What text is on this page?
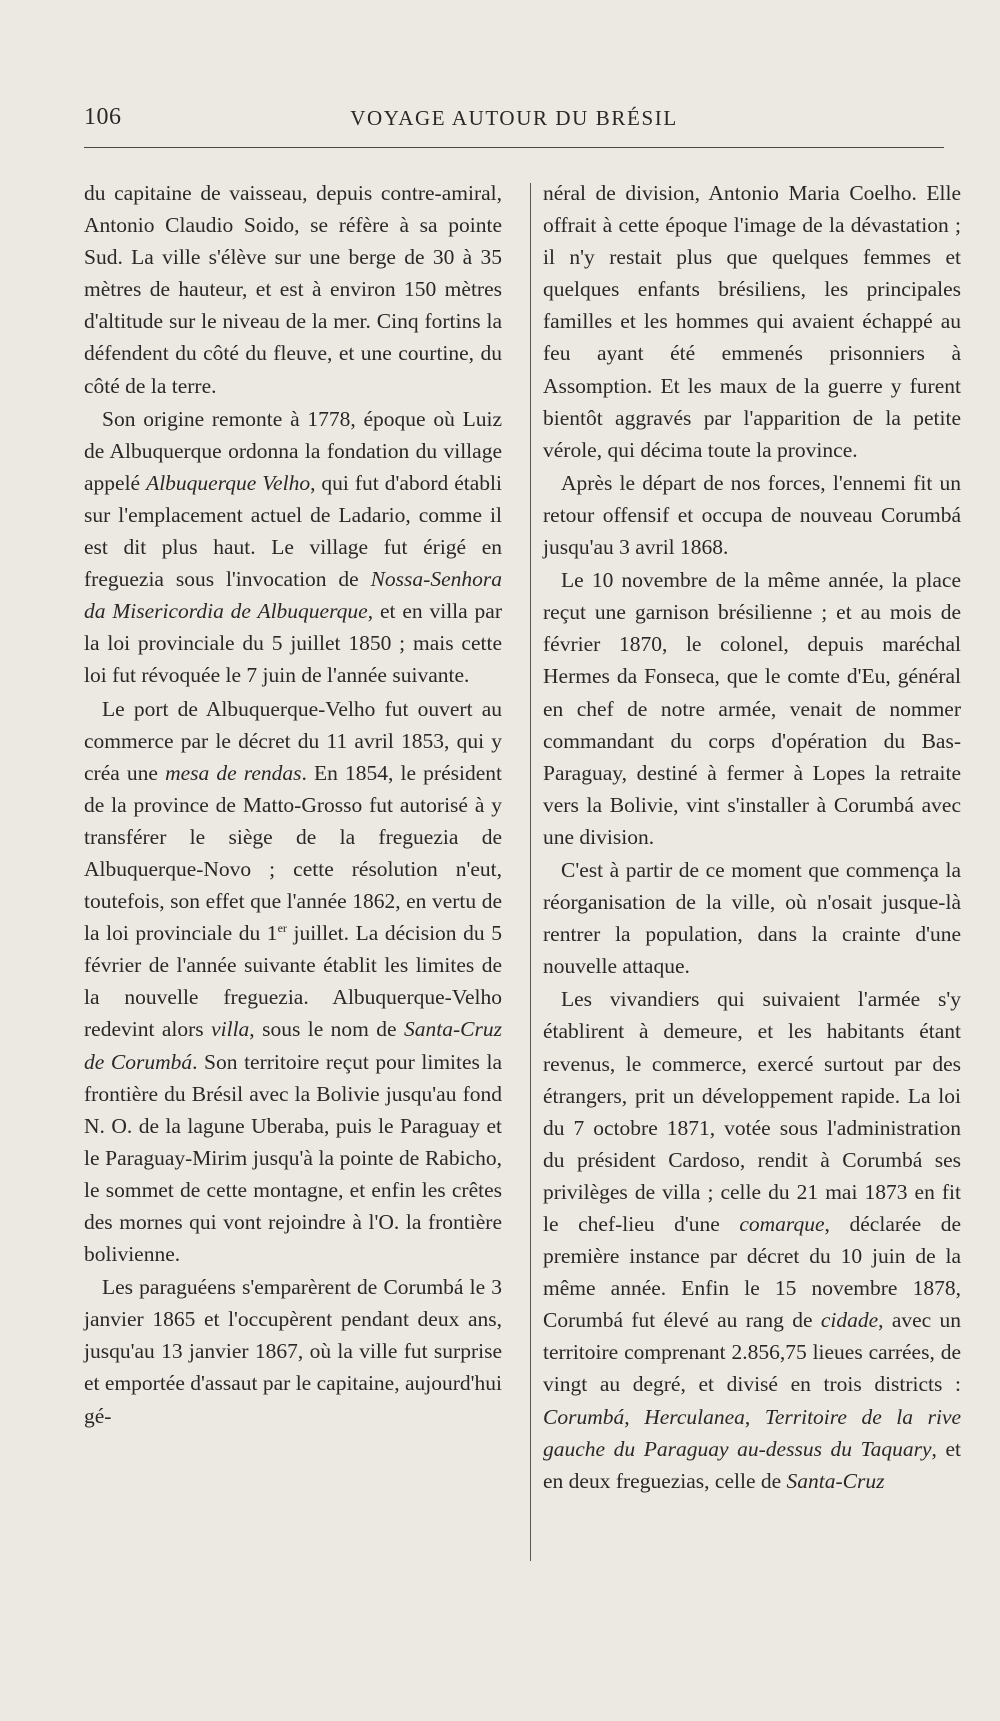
106	VOYAGE AUTOUR DU BRÉSIL

du capitaine de vaisseau, depuis contre-amiral, Antonio Claudio Soido, se réfère à sa pointe Sud. La ville s'élève sur une berge de 30 à 35 mètres de hauteur, et est à environ 150 mètres d'altitude sur le niveau de la mer. Cinq fortins la défendent du côté du fleuve, et une courtine, du côté de la terre.

Son origine remonte à 1778, époque où Luiz de Albuquerque ordonna la fondation du village appelé Albuquerque Velho, qui fut d'abord établi sur l'emplacement actuel de Ladario, comme il est dit plus haut. Le village fut érigé en freguezia sous l'invocation de Nossa-Senhora da Misericordia de Albuquerque, et en villa par la loi provinciale du 5 juillet 1850 ; mais cette loi fut révoquée le 7 juin de l'année suivante.

Le port de Albuquerque-Velho fut ouvert au commerce par le décret du 11 avril 1853, qui y créa une mesa de rendas. En 1854, le président de la province de Matto-Grosso fut autorisé à y transférer le siège de la freguezia de Albuquerque-Novo ; cette résolution n'eut, toutefois, son effet que l'année 1862, en vertu de la loi provinciale du 1er juillet. La décision du 5 février de l'année suivante établit les limites de la nouvelle freguezia. Albuquerque-Velho redevint alors villa, sous le nom de Santa-Cruz de Corumbá. Son territoire reçut pour limites la frontière du Brésil avec la Bolivie jusqu'au fond N. O. de la lagune Uberaba, puis le Paraguay et le Paraguay-Mirim jusqu'à la pointe de Rabicho, le sommet de cette montagne, et enfin les crêtes des mornes qui vont rejoindre à l'O. la frontière bolivienne.

Les paraguéens s'emparèrent de Corumbá le 3 janvier 1865 et l'occupèrent pendant deux ans, jusqu'au 13 janvier 1867, où la ville fut surprise et emportée d'assaut par le capitaine, aujourd'hui gé-

néral de division, Antonio Maria Coelho. Elle offrait à cette époque l'image de la dévastation ; il n'y restait plus que quelques femmes et quelques enfants brésiliens, les principales familles et les hommes qui avaient échappé au feu ayant été emmenés prisonniers à Assomption. Et les maux de la guerre y furent bientôt aggravés par l'apparition de la petite vérole, qui décima toute la province.

Après le départ de nos forces, l'ennemi fit un retour offensif et occupa de nouveau Corumbá jusqu'au 3 avril 1868.

Le 10 novembre de la même année, la place reçut une garnison brésilienne ; et au mois de février 1870, le colonel, depuis maréchal Hermes da Fonseca, que le comte d'Eu, général en chef de notre armée, venait de nommer commandant du corps d'opération du Bas-Paraguay, destiné à fermer à Lopes la retraite vers la Bolivie, vint s'installer à Corumbá avec une division.

C'est à partir de ce moment que commença la réorganisation de la ville, où n'osait jusque-là rentrer la population, dans la crainte d'une nouvelle attaque.

Les vivandiers qui suivaient l'armée s'y établirent à demeure, et les habitants étant revenus, le commerce, exercé surtout par des étrangers, prit un développement rapide. La loi du 7 octobre 1871, votée sous l'administration du président Cardoso, rendit à Corumbá ses privilèges de villa ; celle du 21 mai 1873 en fit le chef-lieu d'une comarque, déclarée de première instance par décret du 10 juin de la même année. Enfin le 15 novembre 1878, Corumbá fut élevé au rang de cidade, avec un territoire comprenant 2.856,75 lieues carrées, de vingt au degré, et divisé en trois districts : Corumbá, Herculanea, Territoire de la rive gauche du Paraguay au-dessus du Taquary, et en deux freguezias, celle de Santa-Cruz
